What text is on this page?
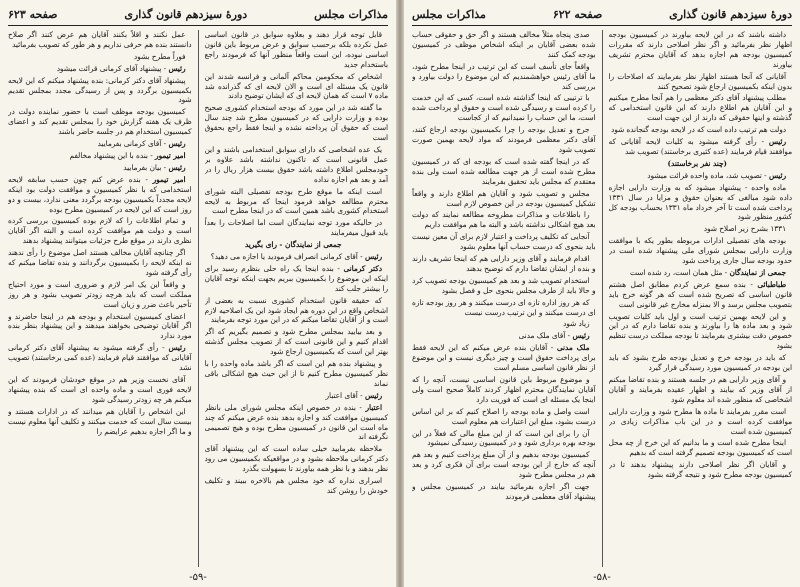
مذاکرات مجلس
دورهٔ سیزدهم قانون گذاری
صفحه ۶۲۳

قابل توجه قرار دهند و بعلاوه سوابق در قانون اساسی عمل نکرده بلکه برحسب سوابق و عرض مربوط باین قانون اساسی نبوده، این است واقعاً منظور آنها که فرمودند راجع باستخدام جدید

اشخاص که محکومین محاکم آلمانی و فرانسه شدند این قانون یک مسئله ای است و الان لایحه ای که گذرانده شد ماده ۷ است که همان لایحه ای که ایشان توضیح دادند

ما گفته شد در این مورد که بودجه استخدام کشوری صحیح بوده و وزارت دارایی که در کمیسیون مطرح شد چند سال است که حقوق آن پرداخته نشده و اینجا فقط راجع بحقوق است

یک عده اشخاصی که دارای سوابق استخدامی باشند و این عمل قانونی است که تاکنون نداشته باشد علاوه بر خودمجلس اطلاع داشته باشد حقوق بیست هزار ریال را در آمد و بعد هم اجازه نداده

است اینکه ما موقع طرح بودجه تفصیلی البته شورای محترم مطالعه خواهد فرمود اینجا که مربوط به لایحه استخدام کشوری باشد همین است که در اینجا مطرح است

در حالیکه مورد توجه نمایندگان است اما اصلاحات را بعداً باید قبول میفرمایند

جمعی از نمایندگان - رای بگیرید

رئیس - آقای کرمانی انصراف فرمودید یا اجازه می دهید؟

دکتر کرمانی - بنده اینجا یک راه حلی بنظرم رسید برای اینکه این موضوع را بکمیسیون ببریم بجهت اینکه توجه آقایان را بیشتر جلب کند

که حقیقه قانون استخدام کشوری نسبت به بعضی از اشخاص واقع در این دوره هم ایجاد شود این یک اصلاحیه لازم است و از آقایان تقاضا میکنم که در این مورد توجه بفرمایند

و بعد بیایید بمجلس مطرح شود و تصمیم بگیریم که اگر اقدام کنیم و این قانونی است که از تصویب مجلس گذشته بهتر این است که بکمیسیون ارجاع شود

و پیشنهاد بنده هم این است که اگر باشد ماده واحده را با نظر کمیسیون مطرح کنیم تا از این حیث هیچ اشکالی باقی نماند

رئیس - آقای اعتبار

اعتبار - بنده در خصوص اینکه مجلس شورای ملی بانظر کمیسیون موافقت کند و اجازه بدهد بنده عرض میکنم که چند ماه است این قانون در کمیسیون مطرح بوده و هیچ تصمیمی نگرفته اند

ملاحظه بفرمایید خیلی ساده است که این پیشنهاد آقای دکتر کرمانی ملاحظه بشود و در مواقعیکه بکمیسیون می رود نظر بدهند و با نظر همه بیاورند تا بسهولت بگذرد

اسراری نداره که خود مجلس هم بالاخره ببیند و تکلیف خودش را روشن کند

عمل نکنند و اقلاً بکنند آقایان هم عرض کنند اگر صلاح دانستند بنده هم حرفی نداریم و هر طور که تصویب بفرمائید

فوراً مطرح بشود

رئیس - پیشنهاد آقای کرمانی قرائت میشود

پیشنهاد آقای دکتر کرمانی: بنده پیشنهاد میکنم که این لایحه بکمیسیون برگردد و پس از رسیدگی مجدد بمجلس تقدیم شود

کمیسیون بودجه موظف است با حضور نماینده دولت در ظرف یک هفته گزارش خود را بمجلس تقدیم کند و اعضای کمیسیون استخدام هم در جلسه حاضر باشند

رئیس - آقای کرمانی بفرمایید

امیر تیمور - بنده با این پیشنهاد مخالفم

رئیس - بیان بفرمایید

امیر تیمور - بنده عرض کنم چون حسب سابقه لایحه استخدامی که با نظر کمیسیون و موافقت دولت بود اینکه لایحه مجدداً بکمیسیون بودجه برگردد معنی ندارد، بیست و دو روز است که این لایحه در کمیسیون مطرح بوده

و تمام اطلاعات را که لازم بوده کمیسیون بررسی کرده است و دولت هم موافقت کرده است و البته اگر آقایان نظری دارند در موقع طرح جزئیات میتوانند پیشنهاد بدهند

اگر چنانچه آقایان مخالف هستند اصل موضوع را رأی ندهند نه اینکه لایحه را بکمیسیون برگردانند و بنده تقاضا میکنم که رأی گرفته شود

و واقعاً این یک امر لازم و ضروری است و مورد احتیاج مملکت است که باید هرچه زودتر تصویب بشود و هر روز تأخیر باعث ضرر و زیان است

اعضای کمیسیون استخدام و بودجه هم در اینجا حاضرند و اگر آقایان توضیحی بخواهند میدهند و این پیشنهاد بنظر بنده مورد ندارد

رئیس - رأی گرفته میشود به پیشنهاد آقای دکتر کرمانی آقایانی که موافقند قیام فرمایند (عده کمی برخاستند) تصویب نشد

آقای نخست وزیر هم در موقع خودشان فرمودند که این لایحه فوری است و ماده واحده ای است که بنده پیشنهاد میکنم هر چه زودتر رسیدگی شود

این اشخاص را آقایان هم میدانند که در ادارات هستند و بیست سال است که خدمت میکنند و تکلیف آنها معلوم نیست و ما اگر اجازه بدهیم عرایضم را

-۵۹-
دورهٔ سیزدهم قانون گذاری
صفحه ۶۲۲
مذاکرات مجلس

داشته باشند که در این لایحه بیاورند در کمیسیون بودجه اظهار نظر بفرمائید و اگر نظر اصلاحی دارند که مقررات کمیسیون بودجه هم اجازه بدهد که آقایان محترم تشریف بیاورند

آقایانی که آنجا هستند اظهار نظر بفرمایند که اصلاحات را بدون اینکه بکمیسیون ارجاع شود تصحیح کنند

مطلب پیشنهاد آقای دکتر معظمی را هم آنجا مطرح میکنیم و این آقایان هم اطلاع دارند که این قانون استخدامی که گذشته و اینها حقوقی که دارند از این جهت است

دولت هم ترتیب داده است که در لایحه بودجه گنجانده شود

رئیس - رأی گرفته میشود به کلیات لایحه آقایانی که موافقند قیام فرمایند (عده کثیری برخاستند) تصویب شد

(چند نفر برخاستند)

رئیس - تصویب شد، ماده واحده قرائت میشود

ماده واحده - پیشنهاد میشود که به وزارت دارایی اجازه داده شود مبالغی که بعنوان حقوق و مزایا در سال ۱۳۳۱ پرداخت شده است تا آخر خرداد ماه ۱۳۳۱ بحساب بودجه کل کشور منظور شود

۱۳۳۱ بشرح زیر اصلاح شود

بودجه های تفصیلی ادارات مربوطه بطور یکه با موافقت وزارت دارایی بمجلس شورای ملی پیشنهاد شده است در حدود بودجه سال جاری پرداخت شود

جمعی از نمایندگان - مثل همان است، رد شده است

طباطبائی - بنده سمع عرض کردم مطابق اصل هشتم قانون اساسی که تصریح شده است که هر گونه خرج باید بتصویب مجلس برسد و الا بمنزله مخارج غیر قانونی است

و این لایحه بهمین ترتیب است و اول باید کلیات تصویب شود و بعد ماده ها را بیاورند و بنده تقاضا دارم که در این خصوص دقت بیشتری بفرمایند تا بودجه مملکت درست تنظیم بشود

که باید در بودجه خرج و تعدیل بودجه طرح بشود که باید این بودجه در کمیسیون مورد رسیدگی قرار گیرد

و آقای وزیر دارایی هم در جلسه هستند و بنده تقاضا میکنم از آقای وزیر که بیایند و اظهار عقیده بفرمایند و آقایان اشخاصی که منظور شده اند معلوم شود

است مقرر بفرمایند تا ماده ها مطرح شود و وزارت دارایی موافقت کرده است و در این باب مذاکرات زیادی در کمیسیون شده است

اینجا مطرح شده است و ما بدانیم که این خرج از چه محل است که کمیسیون بودجه تصمیم گرفته است که بدهیم

و آقایان اگر نظر اصلاحی دارند پیشنهاد بدهند تا در کمیسیون بودجه مطرح شود و نتیجه گرفته بشود

صدی پنجاه مثلاً مخالف هستند و اگر حق و حقوقی حساب شده بعضی آقایان بر اینکه اشخاص موظف در کمیسیون بودجه کمک کنند

واقعاً جای تأسف است که این ترتیب در اینجا مطرح شود، ما آقای رئیس خواهشمندیم که این موضوع را دولت بیاورد و بررسی کند

با ترتیبی که اینجا گذاشته شده است، کسی که این خدمت را کرده است و رسیدگی شده است و حقوق او پرداخت شده است، ما این حساب را نمیدانیم که از کجاست

جرج و تعدیل بودجه را چرا بکمیسیون بودجه ارجاع کنند، آقای دکتر معظمی فرمودند که مواد لایحه بهمین صورت تصویب شود

که در اینجا گفته شده است که بودجه ای که در کمیسیون مطرح شده است از هر جهت مطالعه شده است ولی بنده معتقدم که مجلس باید تحقیق بفرمایند

مجلس و تصویب شود و آقایان هم اطلاع دارند و واقعاً تشکیل کمیسیون بودجه در این خصوص لازم است

را باطلاعات و مذاکرات مطروحه مطالعه نمایند که دولت بعد هیچ اشکالی نداشته باشد و البته ما هم موافقت داریم

آنجایی که تکلیف پرداخت و اعتبار لازم برای آن معین نیست باید بنحوی که درست حساب آنها معلوم بشود

اقدام فرمایند و آقای وزیر دارایی هم که اینجا تشریف دارند و بنده از ایشان تقاضا دارم که توضیح بدهند

استخدام تصویب شد و بعد هم کمیسیون بودجه تصویب کرد و حالا باید از طرف مجلس بنحوی حل و فصل بشود

که هر روز اداره تازه ای درست میکنند و هر روز بودجه تازه ای درست میکنند و این ترتیب درست نیست

زیاد شود

رئیس - آقای ملک مدنی

ملک مدنی - آقایان بنده عرض میکنم که این لایحه فقط برای پرداخت حقوق است و چیز دیگری نیست و این موضوع از نظر قانون اساسی مسلم است

و موضوع مربوط باین قانون اساسی نیست، آنچه را که آقایان نمایندگان محترم اظهار کردند کاملاً صحیح است ولی اینجا یک مسئله ای است که فوریت دارد

است واصل و ماده بودجه را اصلاح کنیم که بر این اساس درست بشود، مبلغ این اعتبارات هم معلوم است

آن را برای این است که از این مبلغ مالی که فعلاً در این بودجه بهره برداری شود و در کمیسیون رسیدگی نمیشود

کمیسیون بودجه بدهیم و از آن مبلغ پرداخت کنیم و بعد هم آنچه که خارج از این بودجه است برای آن فکری کرد و بعد هم در مجلس مطرح شود

جهت اگر اجازه بفرمائید بیایند در کمیسیون مجلس و پیشنهاد آقای معظمی فرمودند

-۵۸-
